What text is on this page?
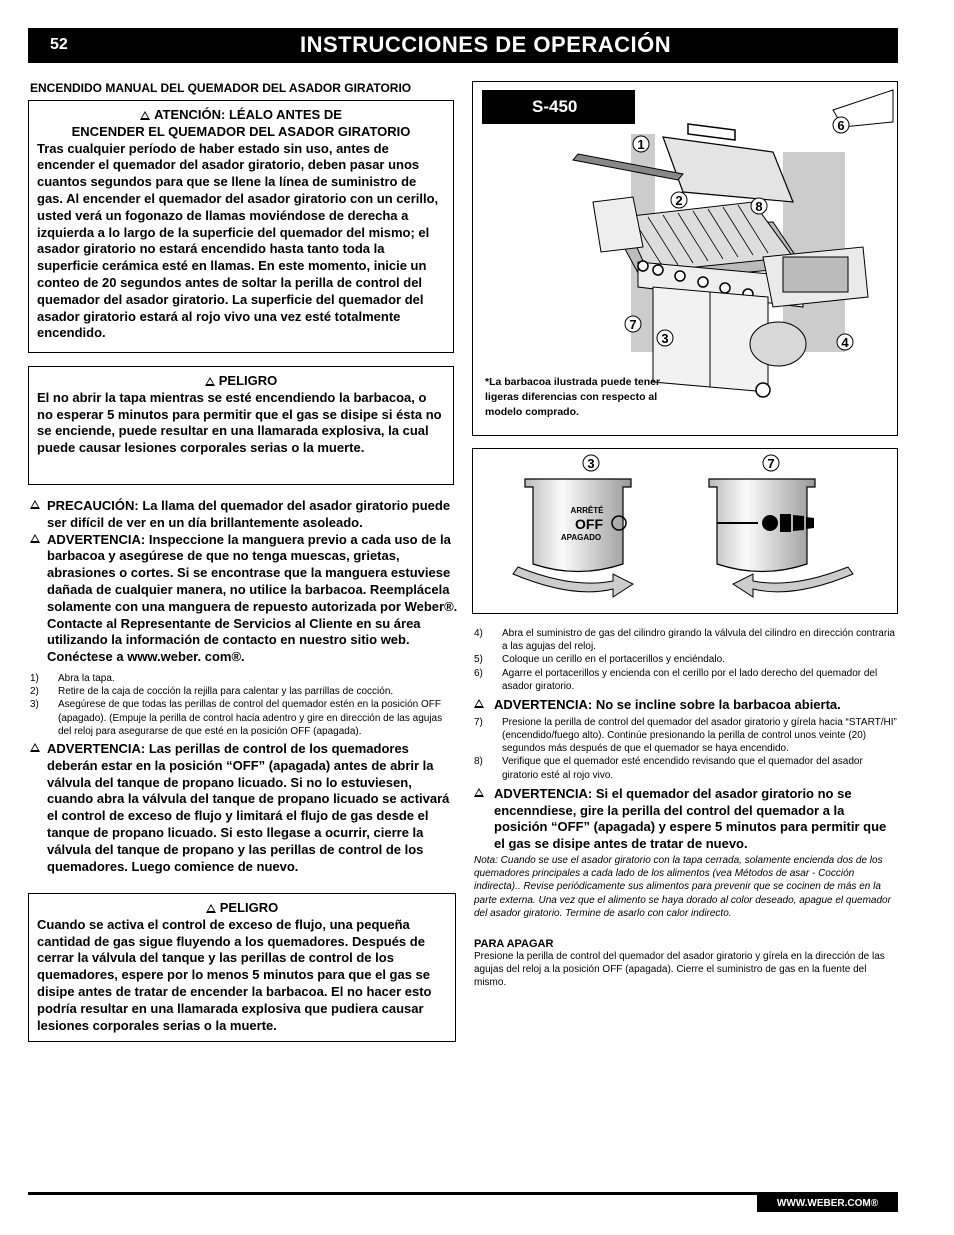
52	INSTRUCCIONES DE OPERACIÓN
ENCENDIDO MANUAL DEL QUEMADOR DEL ASADOR GIRATORIO
ATENCIÓN: LÉALO ANTES DE
ENCENDER EL QUEMADOR DEL ASADOR GIRATORIO
Tras cualquier período de haber estado sin uso, antes de encender el quemador del asador giratorio, deben pasar unos cuantos segundos para que se llene la línea de suministro de gas. Al encender el quemador del asador giratorio con un cerillo, usted verá un fogonazo de llamas moviéndose de derecha a izquierda a lo largo de la superficie del quemador del mismo; el asador giratorio no estará encendido hasta tanto toda la superficie cerámica esté en llamas. En este momento, inicie un conteo de 20 segundos antes de soltar la perilla de control del quemador del asador giratorio. La superficie del quemador del asador giratorio estará al rojo vivo una vez esté totalmente encendido.
PELIGRO
El no abrir la tapa mientras se esté encendiendo la barbacoa, o no esperar 5 minutos para permitir que el gas se disipe si ésta no se enciende, puede resultar en una llamarada explosiva, la cual puede causar lesiones corporales serias o la muerte.
PRECAUCIÓN: La llama del quemador del asador giratorio puede ser difícil de ver en un día brillantemente asoleado.
ADVERTENCIA: Inspeccione la manguera previo a cada uso de la barbacoa y asegúrese de que no tenga muescas, grietas, abrasiones o cortes. Si se encontrase que la manguera estuviese dañada de cualquier manera, no utilice la barbacoa. Reemplácela solamente con una manguera de repuesto autorizada por Weber®. Contacte al Representante de Servicios al Cliente en su área utilizando la información de contacto en nuestro sitio web. Conéctese a www.weber. com®.
1) Abra la tapa.
2) Retire de la caja de cocción la rejilla para calentar y las parrillas de cocción.
3) Asegúrese de que todas las perillas de control del quemador estén en la posición OFF (apagado). (Empuje la perilla de control hacia adentro y gire en dirección de las agujas del reloj para asegurarse de que esté en la posición OFF (apagada).
ADVERTENCIA: Las perillas de control de los quemadores deberán estar en la posición “OFF” (apagada) antes de abrir la válvula del tanque de propano licuado. Si no lo estuviesen, cuando abra la válvula del tanque de propano licuado se activará el control de exceso de flujo y limitará el flujo de gas desde el tanque de propano licuado. Si esto llegase a ocurrir, cierre la válvula del tanque de propano y las perillas de control de los quemadores. Luego comience de nuevo.
PELIGRO
Cuando se activa el control de exceso de flujo, una pequeña cantidad de gas sigue fluyendo a los quemadores. Después de cerrar la válvula del tanque y las perillas de control de los quemadores, espere por lo menos 5 minutos para que el gas se disipe antes de tratar de encender la barbacoa. El no hacer esto podría resultar en una llamarada explosiva que pudiera causar lesiones corporales serias o la muerte.
1
2
3	4
6
7
8
S-450
*La barbacoa ilustrada puede tener ligeras diferencias con respecto al modelo comprado.
3	7
ARRÊTÉ
OFF
APAGADO
4) Abra el suministro de gas del cilindro girando la válvula del cilindro en dirección contraria a las agujas del reloj.
5) Coloque un cerillo en el portacerillos y enciéndalo.
6) Agarre el portacerillos y encienda con el cerillo por el lado derecho del quemador del asador giratorio.
ADVERTENCIA: No se incline sobre la barbacoa abierta.
7) Presione la perilla de control del quemador del asador giratorio y gírela hacia “START/HI” (encendido/fuego alto). Continúe presionando la perilla de control unos veinte (20) segundos más después de que el quemador se haya encendido.
8) Verifique que el quemador esté encendido revisando que el quemador del asador giratorio esté al rojo vivo.
ADVERTENCIA: Si el quemador del asador giratorio no se encenndiese, gire la perilla del control del quemador a la posición “OFF” (apagada) y espere 5 minutos para permitir que el gas se disipe antes de tratar de nuevo.
Nota: Cuando se use el asador giratorio con la tapa cerrada, solamente encienda dos de los quemadores principales a cada lado de los alimentos (vea Métodos de asar - Cocción indirecta).. Revise periódicamente sus alimentos para prevenir que se cocinen de más en la parte externa. Una vez que el alimento se haya dorado al color deseado, apague el quemador del asador giratorio. Termine de asarlo con calor indirecto.
PARA APAGAR
Presione la perilla de control del quemador del asador giratorio y gírela en la dirección de las agujas del reloj a la posición OFF (apagada). Cierre el suministro de gas en la fuente del mismo.
WWW.WEBER.COM®
